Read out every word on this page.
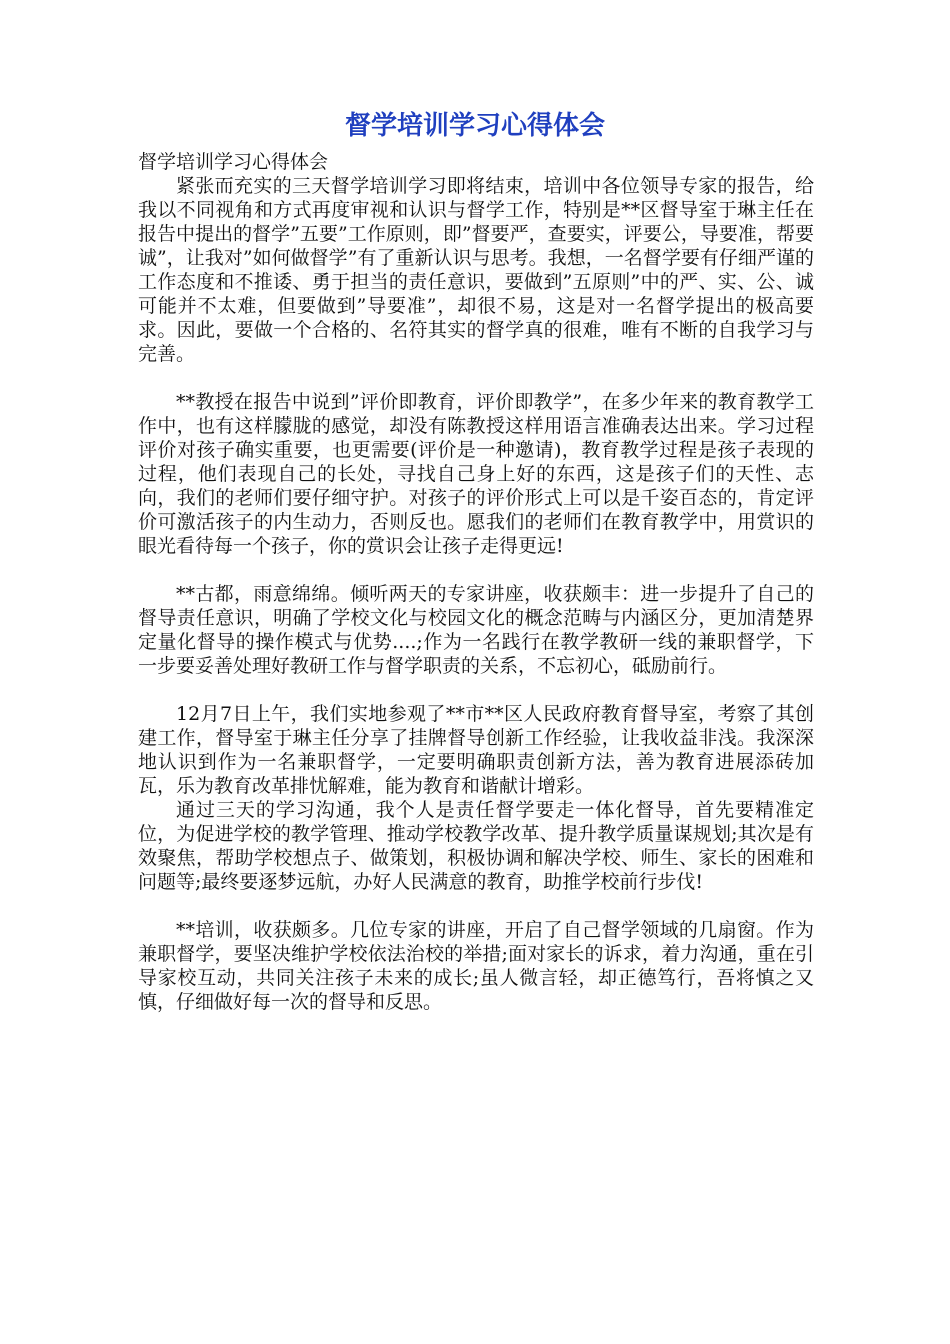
督学培训学习心得体会

督学培训学习心得体会

紧张而充实的三天督学培训学习即将结束，培训中各位领导专家的报告，给我以不同视角和方式再度审视和认识与督学工作，特别是**区督导室于琳主任在报告中提出的督学”五要”工作原则，即”督要严，查要实，评要公，导要准，帮要诚”，让我对”如何做督学”有了重新认识与思考。我想，一名督学要有仔细严谨的工作态度和不推诿、勇于担当的责任意识，要做到”五原则”中的严、实、公、诚可能并不太难，但要做到”导要准”，却很不易，这是对一名督学提出的极高要求。因此，要做一个合格的、名符其实的督学真的很难，唯有不断的自我学习与完善。

**教授在报告中说到”评价即教育，评价即教学”，在多少年来的教育教学工作中，也有这样朦胧的感觉，却没有陈教授这样用语言准确表达出来。学习过程评价对孩子确实重要，也更需要(评价是一种邀请)，教育教学过程是孩子表现的过程，他们表现自己的长处，寻找自己身上好的东西，这是孩子们的天性、志向，我们的老师们要仔细守护。对孩子的评价形式上可以是千姿百态的，肯定评价可激活孩子的内生动力，否则反也。愿我们的老师们在教育教学中，用赏识的眼光看待每一个孩子，你的赏识会让孩子走得更远!

**古都，雨意绵绵。倾听两天的专家讲座，收获颇丰：进一步提升了自己的督导责任意识，明确了学校文化与校园文化的概念范畴与内涵区分，更加清楚界定量化督导的操作模式与优势....;作为一名践行在教学教研一线的兼职督学，下一步要妥善处理好教研工作与督学职责的关系，不忘初心，砥励前行。

12月7日上午，我们实地参观了**市**区人民政府教育督导室，考察了其创建工作，督导室于琳主任分享了挂牌督导创新工作经验，让我收益非浅。我深深地认识到作为一名兼职督学，一定要明确职责创新方法，善为教育进展添砖加瓦，乐为教育改革排忧解难，能为教育和谐献计增彩。

通过三天的学习沟通，我个人是责任督学要走一体化督导，首先要精准定位，为促进学校的教学管理、推动学校教学改革、提升教学质量谋规划;其次是有效聚焦，帮助学校想点子、做策划，积极协调和解决学校、师生、家长的困难和问题等;最终要逐梦远航，办好人民满意的教育，助推学校前行步伐!

**培训，收获颇多。几位专家的讲座，开启了自己督学领域的几扇窗。作为兼职督学，要坚决维护学校依法治校的举措;面对家长的诉求，着力沟通，重在引导家校互动，共同关注孩子未来的成长;虽人微言轻，却正德笃行，吾将慎之又慎，仔细做好每一次的督导和反思。
